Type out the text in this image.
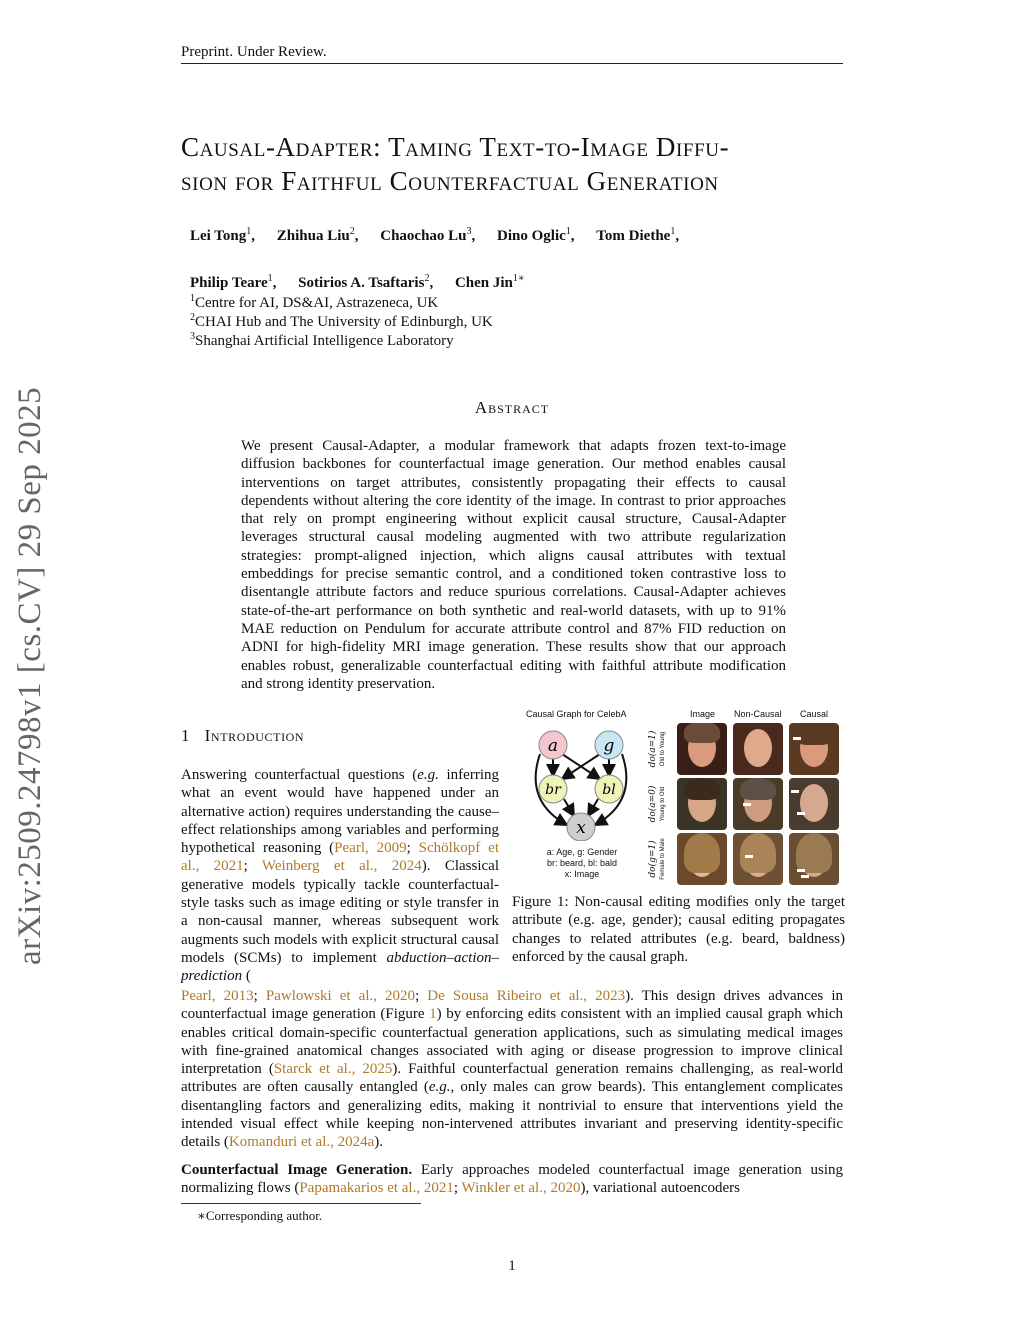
Preprint. Under Review.
Causal-Adapter: Taming Text-to-Image Diffu-
sion for Faithful Counterfactual Generation
Lei Tong$^1$, Zhihua Liu$^2$, Chaochao Lu$^3$, Dino Oglic$^1$, Tom Diethe$^1$,
Philip Teare$^1$, Sotirios A. Tsaftaris$^2$, Chen Jin$^{1∗}$
$^1$Centre for AI, DS&AI, Astrazeneca, UK
$^2$CHAI Hub and The University of Edinburgh, UK
$^3$Shanghai Artificial Intelligence Laboratory
arXiv:2509.24798v1 [cs.CV] 29 Sep 2025	Abstract
We present Causal-Adapter, a modular framework that adapts frozen text-to-image diffusion backbones for counterfactual image generation. Our method enables causal interventions on target attributes, consistently propagating their effects to causal dependents without altering the core identity of the image. In contrast to prior approaches that rely on prompt engineering without explicit causal structure, Causal-Adapter leverages structural causal modeling augmented with two attribute regularization strategies: prompt-aligned injection, which aligns causal attributes with textual embeddings for precise semantic control, and a conditioned token contrastive loss to disentangle attribute factors and reduce spurious correlations. Causal-Adapter achieves state-of-the-art performance on both synthetic and real-world datasets, with up to 91% MAE reduction on Pendulum for accurate attribute control and 87% FID reduction on ADNI for high-fidelity MRI image generation. These results show that our approach enables robust, generalizable counterfactual editing with faithful attribute modification and strong identity preservation.
1 Introduction
Answering counterfactual questions (e.g. inferring what an event would have happened under an alternative action) requires understanding the cause–effect relationships among variables and performing hypothetical reasoning (Pearl, 2009; Schölkopf et al., 2021; Weinberg et al., 2024). Classical generative models typically tackle counterfactual-style tasks such as image editing or style transfer in a non-causal manner, whereas subsequent work augments such models with explicit structural causal models (SCMs) to implement abduction–action–prediction (
Pearl, 2013; Pawlowski et al., 2020; De Sousa Ribeiro et al., 2023). This design drives advances in counterfactual image generation (Figure 1) by enforcing edits consistent with an implied causal graph which enables critical domain-specific counterfactual generation applications, such as simulating medical images with fine-grained anatomical changes associated with aging or disease progression to improve clinical interpretation (Starck et al., 2025). Faithful counterfactual generation remains challenging, as real-world attributes are often causally entangled (e.g., only males can grow beards). This entanglement complicates disentangling factors and generalizing edits, making it nontrivial to ensure that interventions yield the intended visual effect while keeping non-intervened attributes invariant and preserving identity-specific details (Komanduri et al., 2024a).
Counterfactual Image Generation. Early approaches modeled counterfactual image generation using normalizing flows (Papamakarios et al., 2021; Winkler et al., 2020), variational autoencoders
Causal Graph for CelebA
a	g
br	bl
x
a: Age, g: Gender
br: beard, bl: bald
x: Image
Image Non-Causal Causal
do(a=1) Old to Young
do(a=0) Young to Old
do(g=1) Female to Male
Figure 1: Non-causal editing modifies only the target attribute (e.g. age, gender); causal editing propagates changes to related attributes (e.g. beard, baldness) enforced by the causal graph.
∗Corresponding author.
1
